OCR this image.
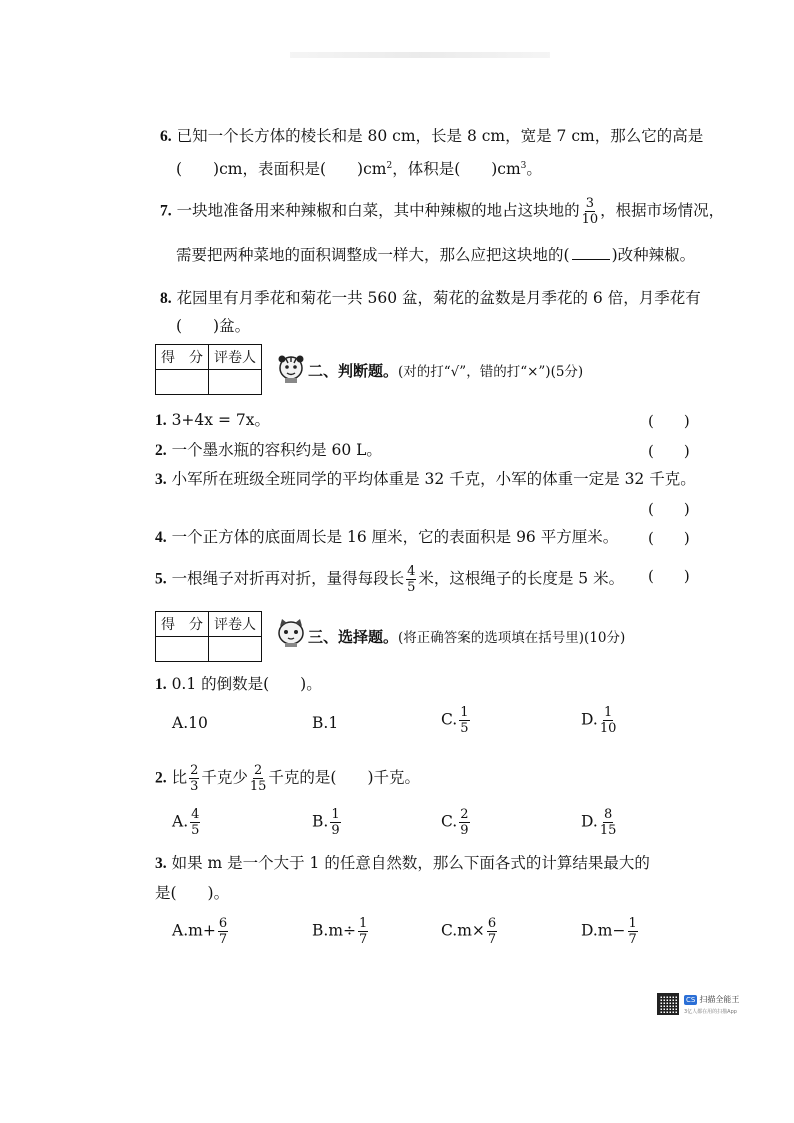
6. 已知一个长方体的棱长和是 80 cm，长是 8 cm，宽是 7 cm，那么它的高是
(　　)cm，表面积是(　　)$cm^2$，体积是(　　)$cm^3$。
7. 一块地准备用来种辣椒和白菜，其中种辣椒的地占这块地的 $\frac{3}{10}$ ，根据市场情况，
需要把两种菜地的面积调整成一样大，那么应把这块地的(	)改种辣椒。
8. 花园里有月季花和菊花一共 560 盆，菊花的盆数是月季花的 6 倍，月季花有
(　　)盆。
得　分	评卷人

二、判断题。(对的打“√”，错的打“×”)(5分)
1. 3+4x = 7x。	(　　)
2. 一个墨水瓶的容积约是 60 L。	(　　)
3. 小军所在班级全班同学的平均体重是 32 千克，小军的体重一定是 32 千克。
(　　)
4. 一个正方体的底面周长是 16 厘米，它的表面积是 96 平方厘米。 (　　)
5. 一根绳子对折再对折，量得每段长 $\frac{4}{5}$ 米，这根绳子的长度是 5 米。 (　　)
得　分	评卷人

三、选择题。(将正确答案的选项填在括号里)(10分)
1. 0.1 的倒数是(　　)。
A.10	B.1	C. $\frac{1}{5}$	D. $\frac{1}{10}$
2. 比 $\frac{2}{3}$ 千克少 $\frac{2}{15}$ 千克的是(　　)千克。
A. $\frac{4}{5}$	B. $\frac{1}{9}$	C. $\frac{2}{9}$	D. $\frac{8}{15}$
3. 如果 m 是一个大于 1 的任意自然数，那么下面各式的计算结果最大的
是(　　)。
$A.m+ \frac{6}{7}$	$B.m\div \frac{1}{7}$	$C.m\times \frac{6}{7}$	$D.m- \frac{1}{7}$
CS 扫描全能王
3亿人都在用的扫描App
